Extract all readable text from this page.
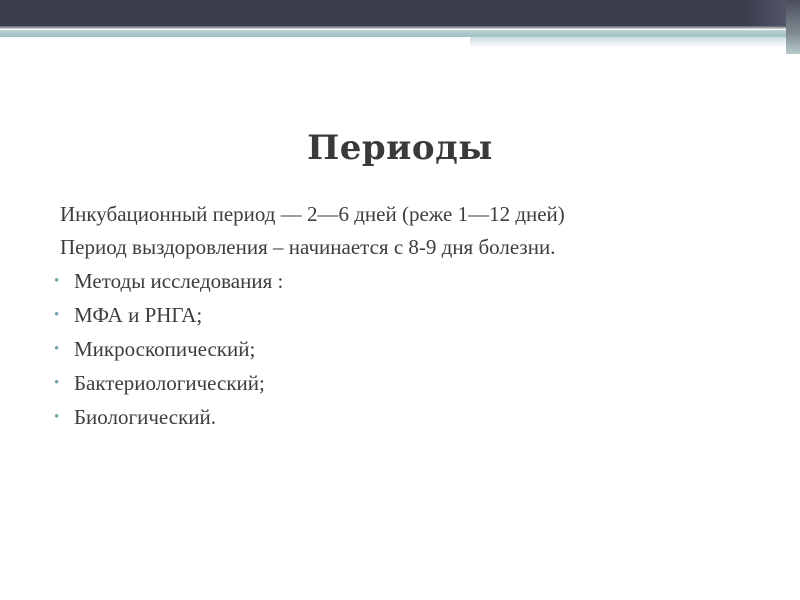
Периоды
Инкубационный период — 2—6 дней (реже 1—12 дней)
Период выздоровления – начинается с 8-9 дня болезни.
• Методы исследования :
• МФА и РНГА;
• Микроскопический;
• Бактериологический;
• Биологический.
